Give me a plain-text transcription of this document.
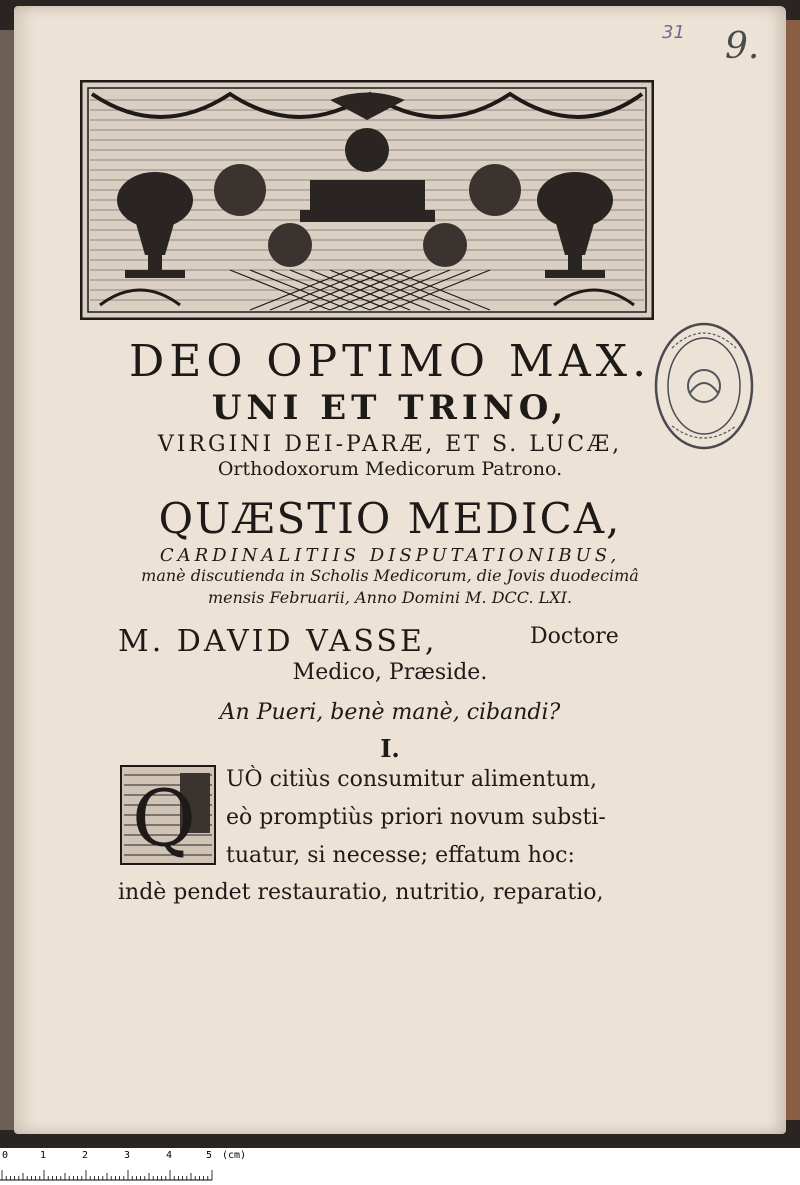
31 9.
DEO OPTIMO MAX.
UNI ET TRINO,
VIRGINI DEI-PARÆ, ET S. LUCÆ,
Orthodoxorum Medicorum Patrono.
QUÆSTIO MEDICA,
CARDINALITIIS DISPUTATIONIBUS,
manè discutienda in Scholis Medicorum, die Jovis duodecimâ
mensis Februarii, Anno Domini M. DCC. LXI.
M. DAVID VASSE,	Doctore
Medico, Præside.
An Pueri, benè manè, cibandi?
I.
Q UÒ citiùs consumitur alimentum,
eò promptiùs priori novum substi-
tuatur, si necesse; effatum hoc:
indè pendet restauratio, nutritio, reparatio,
0	1	2	3	4	5 (cm)
